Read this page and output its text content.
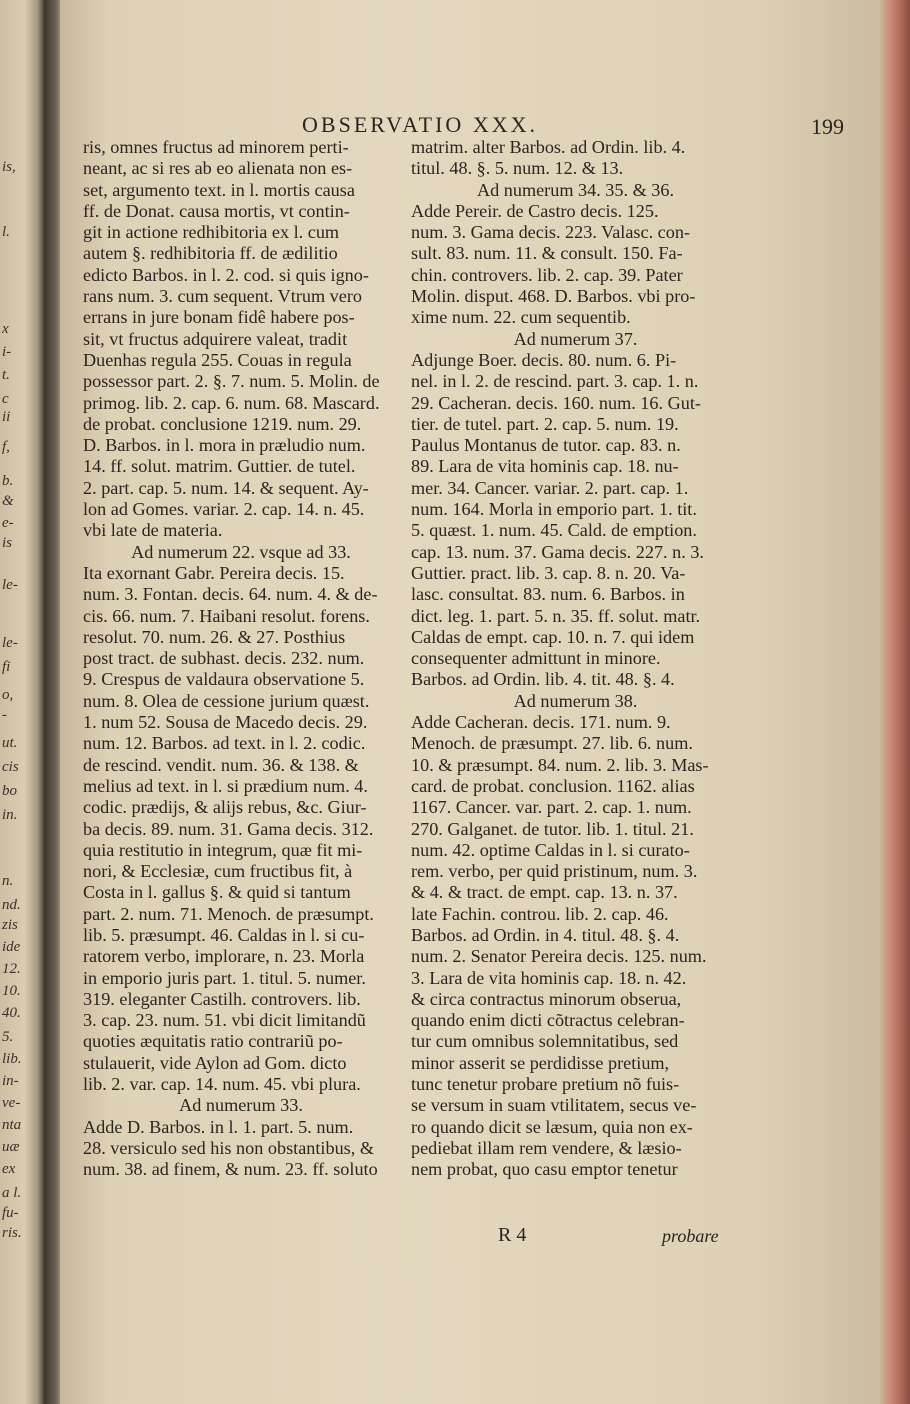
is,
l.
x
i-
t.
c
ii
f,
b.
&
e-
is
le-
le-
fi
o,
-
ut.
cis
bo
in.
n.
nd.
zis
ide
12.
10.
40.
5.
lib.
in-
ve-
nta
uæ
ex
a l.
fu-
ris.
OBSERVATIO XXX.	199
ris, omnes fructus ad minorem perti-
neant, ac si res ab eo alienata non es-
set, argumento text. in l. mortis causa
ff. de Donat. causa mortis, vt contin-
git in actione redhibitoria ex l. cum
autem §. redhibitoria ff. de ædilitio
edicto Barbos. in l. 2. cod. si quis igno-
rans num. 3. cum sequent. Vtrum vero
errans in jure bonam fidê habere pos-
sit, vt fructus adquirere valeat, tradit
Duenhas regula 255. Couas in regula
possessor part. 2. §. 7. num. 5. Molin. de
primog. lib. 2. cap. 6. num. 68. Mascard.
de probat. conclusione 1219. num. 29.
D. Barbos. in l. mora in præludio num.
14. ff. solut. matrim. Guttier. de tutel.
2. part. cap. 5. num. 14. & sequent. Ay-
lon ad Gomes. variar. 2. cap. 14. n. 45.
vbi late de materia.
Ad numerum 22. vsque ad 33.
Ita exornant Gabr. Pereira decis. 15.
num. 3. Fontan. decis. 64. num. 4. & de-
cis. 66. num. 7. Haibani resolut. forens.
resolut. 70. num. 26. & 27. Posthius
post tract. de subhast. decis. 232. num.
9. Crespus de valdaura observatione 5.
num. 8. Olea de cessione jurium quæst.
1. num 52. Sousa de Macedo decis. 29.
num. 12. Barbos. ad text. in l. 2. codic.
de rescind. vendit. num. 36. & 138. &
melius ad text. in l. si prædium num. 4.
codic. prædijs, & alijs rebus, &c. Giur-
ba decis. 89. num. 31. Gama decis. 312.
quia restitutio in integrum, quæ fit mi-
nori, & Ecclesiæ, cum fructibus fit, à
Costa in l. gallus §. & quid si tantum
part. 2. num. 71. Menoch. de præsumpt.
lib. 5. præsumpt. 46. Caldas in l. si cu-
ratorem verbo, implorare, n. 23. Morla
in emporio juris part. 1. titul. 5. numer.
319. eleganter Castilh. controvers. lib.
3. cap. 23. num. 51. vbi dicit limitandũ
quoties æquitatis ratio contrariũ po-
stulauerit, vide Aylon ad Gom. dicto
lib. 2. var. cap. 14. num. 45. vbi plura.
Ad numerum 33.
Adde D. Barbos. in l. 1. part. 5. num.
28. versiculo sed his non obstantibus, &
num. 38. ad finem, & num. 23. ff. soluto
matrim. alter Barbos. ad Ordin. lib. 4.
titul. 48. §. 5. num. 12. & 13.
Ad numerum 34. 35. & 36.
Adde Pereir. de Castro decis. 125.
num. 3. Gama decis. 223. Valasc. con-
sult. 83. num. 11. & consult. 150. Fa-
chin. controvers. lib. 2. cap. 39. Pater
Molin. disput. 468. D. Barbos. vbi pro-
xime num. 22. cum sequentib.
Ad numerum 37.
Adjunge Boer. decis. 80. num. 6. Pi-
nel. in l. 2. de rescind. part. 3. cap. 1. n.
29. Cacheran. decis. 160. num. 16. Gut-
tier. de tutel. part. 2. cap. 5. num. 19.
Paulus Montanus de tutor. cap. 83. n.
89. Lara de vita hominis cap. 18. nu-
mer. 34. Cancer. variar. 2. part. cap. 1.
num. 164. Morla in emporio part. 1. tit.
5. quæst. 1. num. 45. Cald. de emption.
cap. 13. num. 37. Gama decis. 227. n. 3.
Guttier. pract. lib. 3. cap. 8. n. 20. Va-
lasc. consultat. 83. num. 6. Barbos. in
dict. leg. 1. part. 5. n. 35. ff. solut. matr.
Caldas de empt. cap. 10. n. 7. qui idem
consequenter admittunt in minore.
Barbos. ad Ordin. lib. 4. tit. 48. §. 4.
Ad numerum 38.
Adde Cacheran. decis. 171. num. 9.
Menoch. de præsumpt. 27. lib. 6. num.
10. & præsumpt. 84. num. 2. lib. 3. Mas-
card. de probat. conclusion. 1162. alias
1167. Cancer. var. part. 2. cap. 1. num.
270. Galganet. de tutor. lib. 1. titul. 21.
num. 42. optime Caldas in l. si curato-
rem. verbo, per quid pristinum, num. 3.
& 4. & tract. de empt. cap. 13. n. 37.
late Fachin. controu. lib. 2. cap. 46.
Barbos. ad Ordin. in 4. titul. 48. §. 4.
num. 2. Senator Pereira decis. 125. num.
3. Lara de vita hominis cap. 18. n. 42.
& circa contractus minorum obserua,
quando enim dicti cõtractus celebran-
tur cum omnibus solemnitatibus, sed
minor asserit se perdidisse pretium,
tunc tenetur probare pretium nõ fuis-
se versum in suam vtilitatem, secus ve-
ro quando dicit se læsum, quia non ex-
pediebat illam rem vendere, & læsio-
nem probat, quo casu emptor tenetur
R 4	probare
